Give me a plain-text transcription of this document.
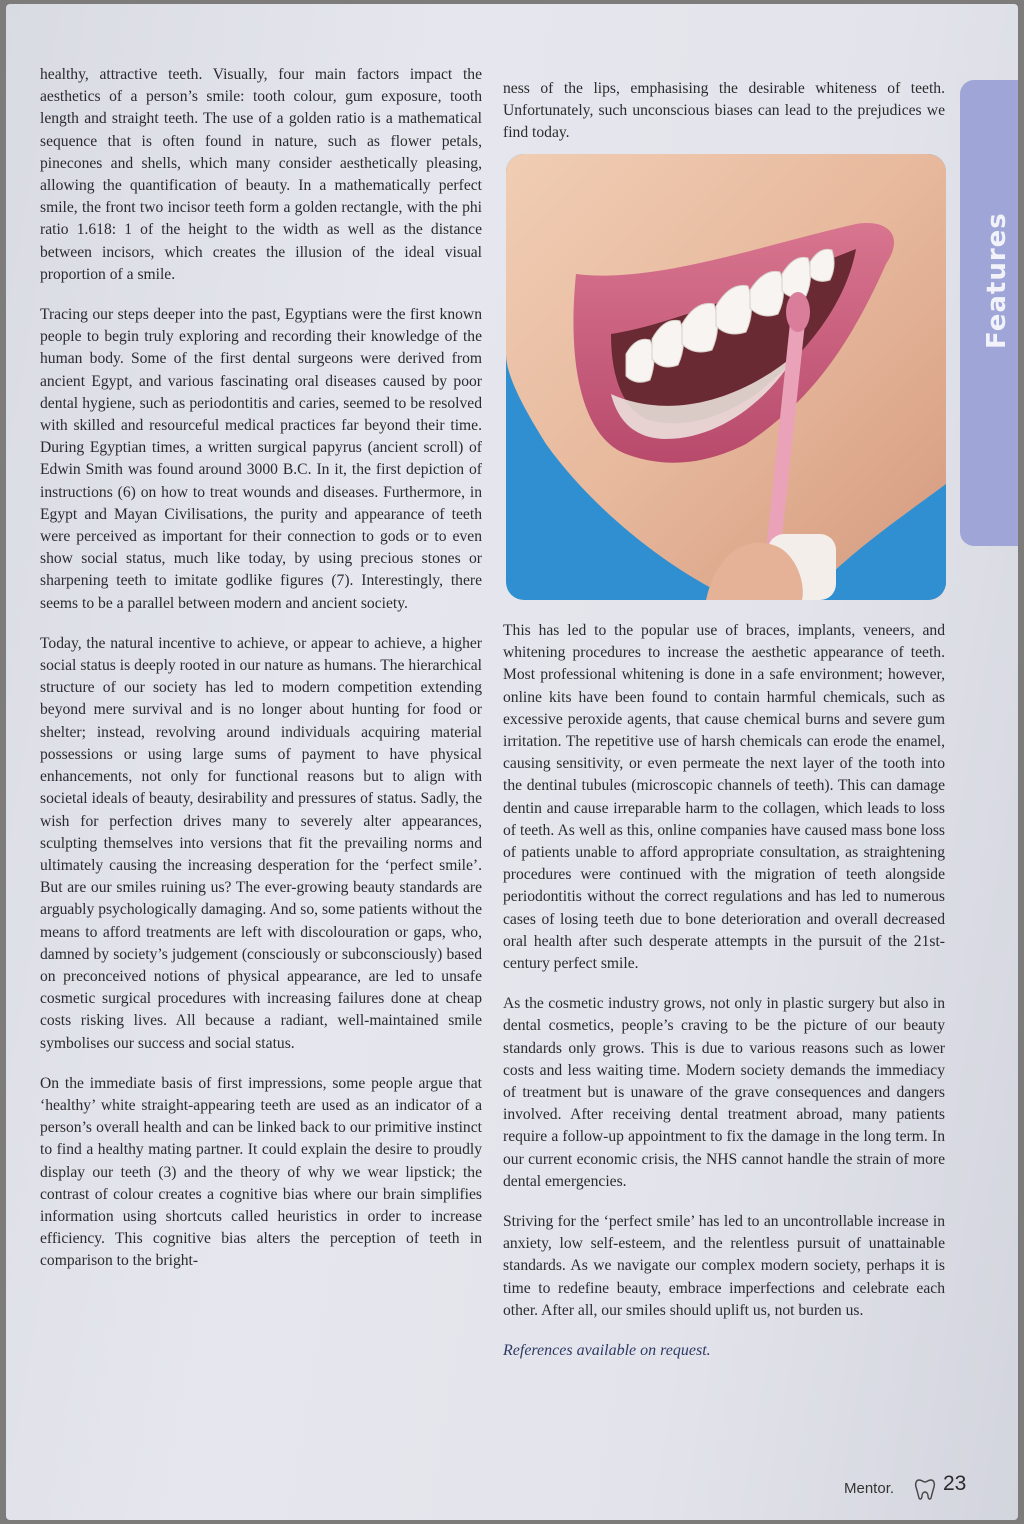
healthy, attractive teeth. Visually, four main factors impact the aesthetics of a person’s smile: tooth colour, gum exposure, tooth length and straight teeth. The use of a golden ratio is a mathematical sequence that is often found in nature, such as flower petals, pinecones and shells, which many consider aesthetically pleasing, allowing the quantification of beauty. In a mathematically perfect smile, the front two incisor teeth form a golden rectangle, with the phi ratio 1.618: 1 of the height to the width as well as the distance between incisors, which creates the illusion of the ideal visual proportion of a smile.

Tracing our steps deeper into the past, Egyptians were the first known people to begin truly exploring and recording their knowledge of the human body. Some of the first dental surgeons were derived from ancient Egypt, and various fascinating oral diseases caused by poor dental hygiene, such as periodontitis and caries, seemed to be resolved with skilled and resourceful medical practices far beyond their time. During Egyptian times, a written surgical papyrus (ancient scroll) of Edwin Smith was found around 3000 B.C. In it, the first depiction of instructions (6) on how to treat wounds and diseases. Furthermore, in Egypt and Mayan Civilisations, the purity and appearance of teeth were perceived as important for their connection to gods or to even show social status, much like today, by using precious stones or sharpening teeth to imitate godlike figures (7). Interestingly, there seems to be a parallel between modern and ancient society.

Today, the natural incentive to achieve, or appear to achieve, a higher social status is deeply rooted in our nature as humans. The hierarchical structure of our society has led to modern competition extending beyond mere survival and is no longer about hunting for food or shelter; instead, revolving around individuals acquiring material possessions or using large sums of payment to have physical enhancements, not only for functional reasons but to align with societal ideals of beauty, desirability and pressures of status. Sadly, the wish for perfection drives many to severely alter appearances, sculpting themselves into versions that fit the prevailing norms and ultimately causing the increasing desperation for the ‘perfect smile’. But are our smiles ruining us? The ever-growing beauty standards are arguably psychologically damaging. And so, some patients without the means to afford treatments are left with discolouration or gaps, who, damned by society’s judgement (consciously or subconsciously) based on preconceived notions of physical appearance, are led to unsafe cosmetic surgical procedures with increasing failures done at cheap costs risking lives. All because a radiant, well-maintained smile symbolises our success and social status.

On the immediate basis of first impressions, some people argue that ‘healthy’ white straight-appearing teeth are used as an indicator of a person’s overall health and can be linked back to our primitive instinct to find a healthy mating partner. It could explain the desire to proudly display our teeth (3) and the theory of why we wear lipstick; the contrast of colour creates a cognitive bias where our brain simplifies information using shortcuts called heuristics in order to increase efficiency. This cognitive bias alters the perception of teeth in comparison to the bright-

ness of the lips, emphasising the desirable whiteness of teeth. Unfortunately, such unconscious biases can lead to the prejudices we find today.

This has led to the popular use of braces, implants, veneers, and whitening procedures to increase the aesthetic appearance of teeth. Most professional whitening is done in a safe environment; however, online kits have been found to contain harmful chemicals, such as excessive peroxide agents, that cause chemical burns and severe gum irritation. The repetitive use of harsh chemicals can erode the enamel, causing sensitivity, or even permeate the next layer of the tooth into the dentinal tubules (microscopic channels of teeth). This can damage dentin and cause irreparable harm to the collagen, which leads to loss of teeth. As well as this, online companies have caused mass bone loss of patients unable to afford appropriate consultation, as straightening procedures were continued with the migration of teeth alongside periodontitis without the correct regulations and has led to numerous cases of losing teeth due to bone deterioration and overall decreased oral health after such desperate attempts in the pursuit of the 21st-century perfect smile.

As the cosmetic industry grows, not only in plastic surgery but also in dental cosmetics, people’s craving to be the picture of our beauty standards only grows. This is due to various reasons such as lower costs and less waiting time. Modern society demands the immediacy of treatment but is unaware of the grave consequences and dangers involved. After receiving dental treatment abroad, many patients require a follow-up appointment to fix the damage in the long term. In our current economic crisis, the NHS cannot handle the strain of more dental emergencies.

Striving for the ‘perfect smile’ has led to an uncontrollable increase in anxiety, low self-esteem, and the relentless pursuit of unattainable standards. As we navigate our complex modern society, perhaps it is time to redefine beauty, embrace imperfections and celebrate each other. After all, our smiles should uplift us, not burden us.

References available on request.

Mentor. 23
